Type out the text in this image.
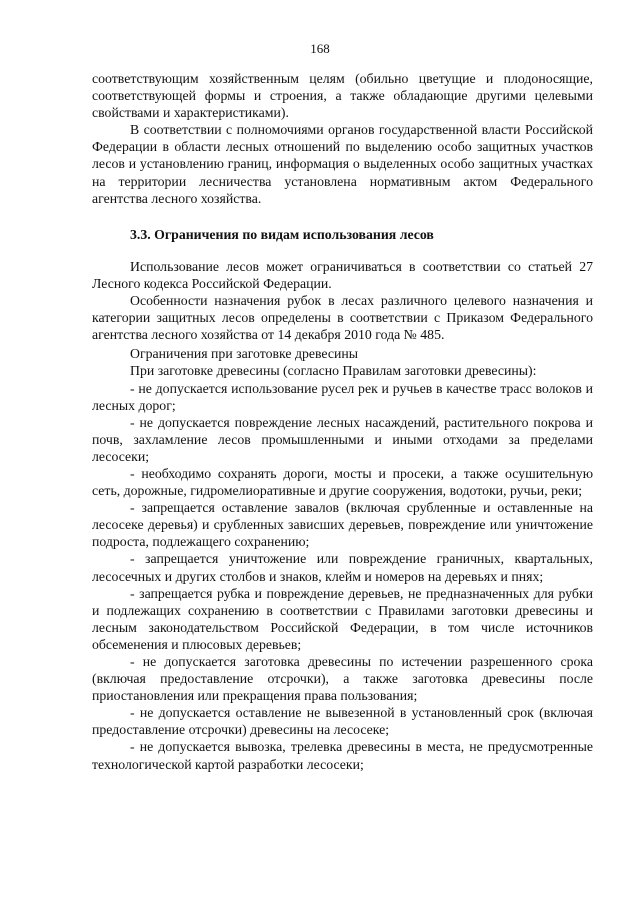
168

соответствующим хозяйственным целям (обильно цветущие и плодоносящие, соответствующей формы и строения, а также обладающие другими целевыми свойствами и характеристиками).

В соответствии с полномочиями органов государственной власти Российской Федерации в области лесных отношений по выделению особо защитных участков лесов и установлению границ, информация о выделенных особо защитных участках на территории лесничества установлена нормативным актом Федерального агентства лесного хозяйства.

3.3. Ограничения по видам использования лесов

Использование лесов может ограничиваться в соответствии со статьей 27 Лесного кодекса Российской Федерации.

Особенности назначения рубок в лесах различного целевого назначения и категории защитных лесов определены в соответствии с Приказом Федерального агентства лесного хозяйства от 14 декабря 2010 года № 485.

Ограничения при заготовке древесины

При заготовке древесины (согласно Правилам заготовки древесины):

- не допускается использование русел рек и ручьев в качестве трасс волоков и лесных дорог;

- не допускается повреждение лесных насаждений, растительного покрова и почв, захламление лесов промышленными и иными отходами за пределами лесосеки;

- необходимо сохранять дороги, мосты и просеки, а также осушительную сеть, дорожные, гидромелиоративные и другие сооружения, водотоки, ручьи, реки;

- запрещается оставление завалов (включая срубленные и оставленные на лесосеке деревья) и срубленных зависших деревьев, повреждение или уничтожение подроста, подлежащего сохранению;

- запрещается уничтожение или повреждение граничных, квартальных, лесосечных и других столбов и знаков, клейм и номеров на деревьях и пнях;

- запрещается рубка и повреждение деревьев, не предназначенных для рубки и подлежащих сохранению в соответствии с Правилами заготовки древесины и лесным законодательством Российской Федерации, в том числе источников обсеменения и плюсовых деревьев;

- не допускается заготовка древесины по истечении разрешенного срока (включая предоставление отсрочки), а также заготовка древесины после приостановления или прекращения права пользования;

- не допускается оставление не вывезенной в установленный срок (включая предоставление отсрочки) древесины на лесосеке;

- не допускается вывозка, трелевка древесины в места, не предусмотренные технологической картой разработки лесосеки;
